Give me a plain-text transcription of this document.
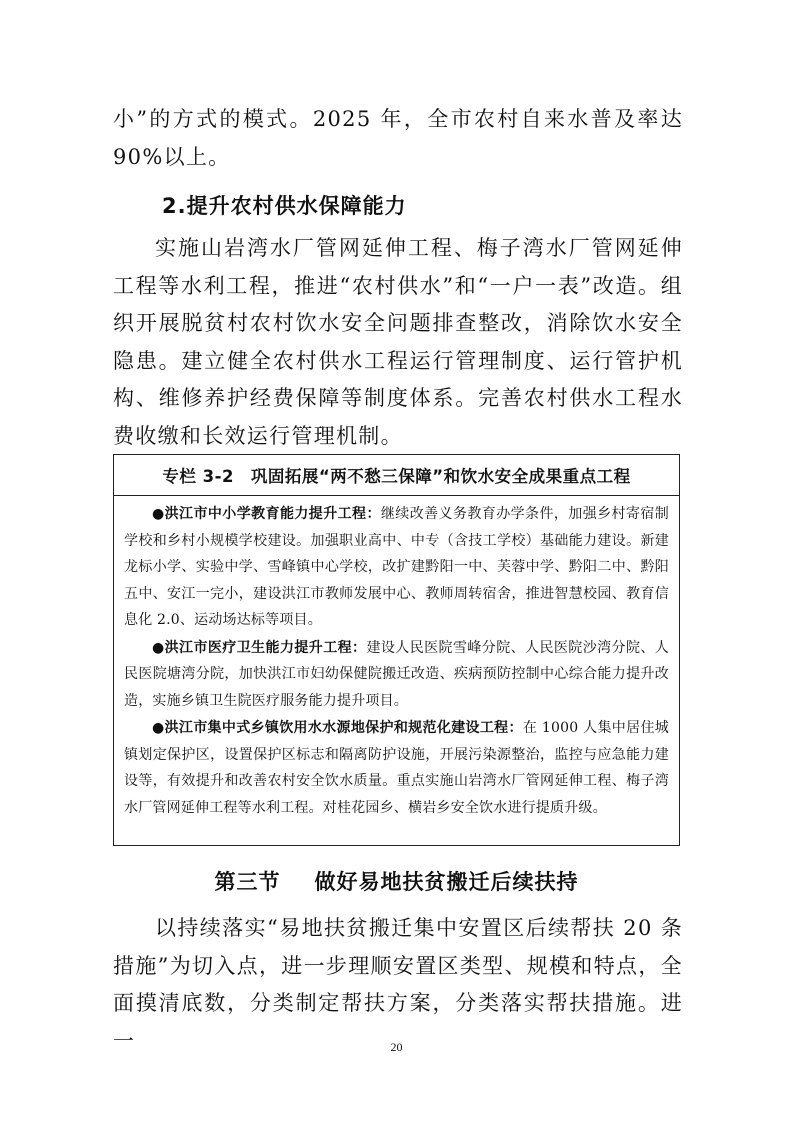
小”的方式的模式。2025 年，全市农村自来水普及率达 90%以上。

2.提升农村供水保障能力

实施山岩湾水厂管网延伸工程、梅子湾水厂管网延伸工程等水利工程，推进“农村供水”和“一户一表”改造。组织开展脱贫村农村饮水安全问题排查整改，消除饮水安全隐患。建立健全农村供水工程运行管理制度、运行管护机构、维修养护经费保障等制度体系。完善农村供水工程水费收缴和长效运行管理机制。

专栏 3-2　巩固拓展“两不愁三保障”和饮水安全成果重点工程

●洪江市中小学教育能力提升工程：继续改善义务教育办学条件，加强乡村寄宿制学校和乡村小规模学校建设。加强职业高中、中专（含技工学校）基础能力建设。新建龙标小学、实验中学、雪峰镇中心学校，改扩建黔阳一中、芙蓉中学、黔阳二中、黔阳五中、安江一完小，建设洪江市教师发展中心、教师周转宿舍，推进智慧校园、教育信息化 2.0、运动场达标等项目。

●洪江市医疗卫生能力提升工程：建设人民医院雪峰分院、人民医院沙湾分院、人民医院塘湾分院，加快洪江市妇幼保健院搬迁改造、疾病预防控制中心综合能力提升改造，实施乡镇卫生院医疗服务能力提升项目。

●洪江市集中式乡镇饮用水水源地保护和规范化建设工程：在 1000 人集中居住城镇划定保护区，设置保护区标志和隔离防护设施，开展污染源整治，监控与应急能力建设等，有效提升和改善农村安全饮水质量。重点实施山岩湾水厂管网延伸工程、梅子湾水厂管网延伸工程等水利工程。对桂花园乡、横岩乡安全饮水进行提质升级。

第三节 做好易地扶贫搬迁后续扶持

以持续落实“易地扶贫搬迁集中安置区后续帮扶 20 条措施”为切入点，进一步理顺安置区类型、规模和特点，全面摸清底数，分类制定帮扶方案，分类落实帮扶措施。进一	20
